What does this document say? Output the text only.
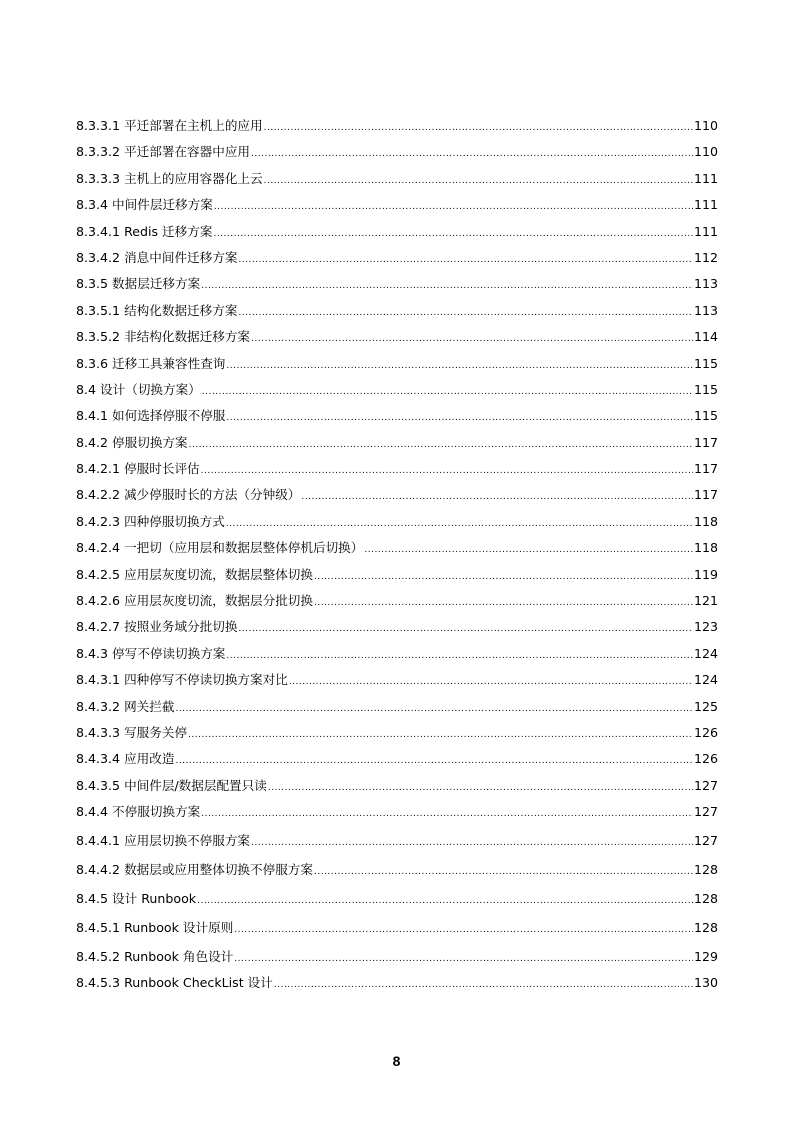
8.3.3.1 平迁部署在主机上的应用 .....	110
8.3.3.2 平迁部署在容器中应用 .....	110
8.3.3.3 主机上的应用容器化上云 .....	111
8.3.4 中间件层迁移方案 .....	111
8.3.4.1 Redis 迁移方案 .....	111
8.3.4.2 消息中间件迁移方案 .....	112
8.3.5 数据层迁移方案 .....	113
8.3.5.1 结构化数据迁移方案 .....	113
8.3.5.2 非结构化数据迁移方案 .....	114
8.3.6 迁移工具兼容性查询 .....	115
8.4 设计（切换方案） .....	115
8.4.1 如何选择停服不停服 .....	115
8.4.2 停服切换方案 .....	117
8.4.2.1 停服时长评估 .....	117
8.4.2.2 减少停服时长的方法（分钟级） .....	117
8.4.2.3 四种停服切换方式 .....	118
8.4.2.4 一把切（应用层和数据层整体停机后切换） .....	118
8.4.2.5 应用层灰度切流，数据层整体切换 .....	119
8.4.2.6 应用层灰度切流，数据层分批切换 .....	121
8.4.2.7 按照业务域分批切换 .....	123
8.4.3 停写不停读切换方案 .....	124
8.4.3.1 四种停写不停读切换方案对比 .....	124
8.4.3.2 网关拦截 .....	125
8.4.3.3 写服务关停 .....	126
8.4.3.4 应用改造 .....	126
8.4.3.5 中间件层/数据层配置只读 .....	127
8.4.4 不停服切换方案 .....	127
8.4.4.1 应用层切换不停服方案 .....	127
8.4.4.2 数据层或应用整体切换不停服方案 .....	128
8.4.5 设计 Runbook .....	128
8.4.5.1 Runbook 设计原则 .....	128
8.4.5.2 Runbook 角色设计 .....	129
8.4.5.3 Runbook CheckList 设计 .....	130
8
